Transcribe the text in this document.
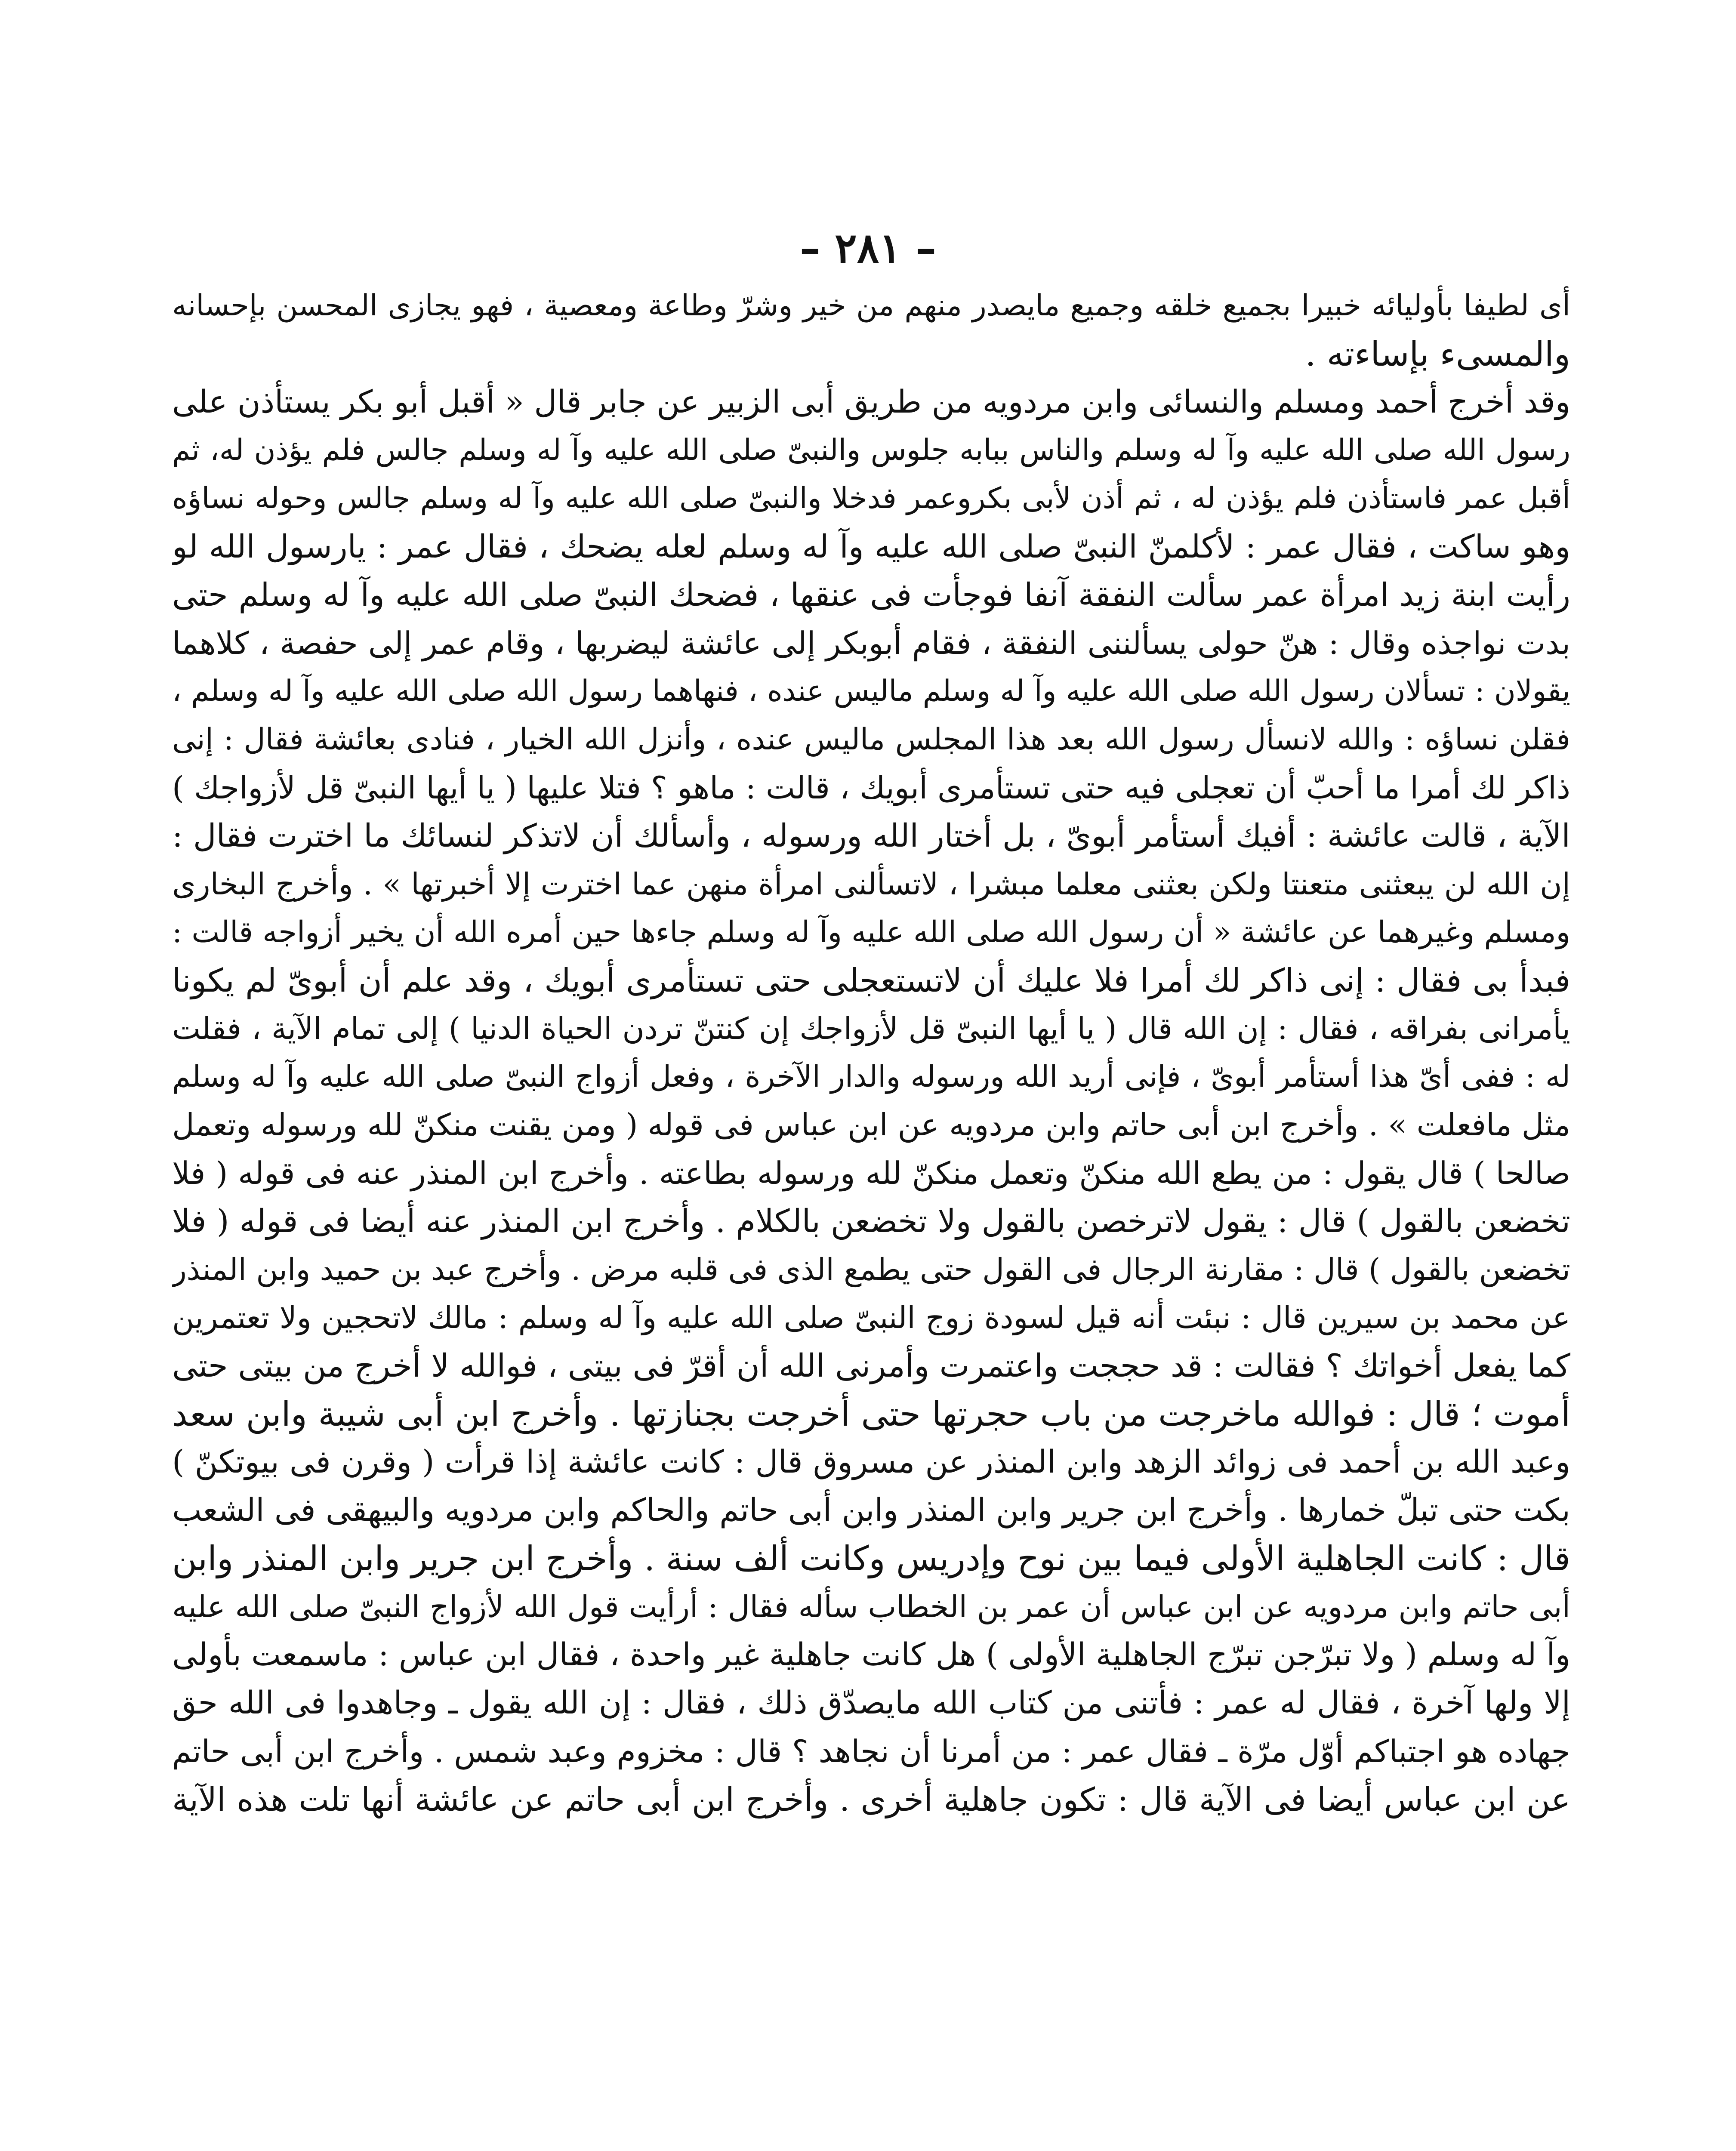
– ٢٨١ –
أى لطيفا بأوليائه خبيرا بجميع خلقه وجميع مايصدر منهم من خير وشرّ وطاعة ومعصية ، فهو يجازى المحسن بإحسانه
والمسىء بإساءته .
وقد أخرج أحمد ومسلم والنسائى وابن مردويه من طريق أبى الزبير عن جابر قال « أقبل أبو بكر يستأذن على
رسول الله صلى الله عليه وآ له وسلم والناس ببابه جلوس والنبىّ صلى الله عليه وآ له وسلم جالس فلم يؤذن له، ثم
أقبل عمر فاستأذن فلم يؤذن له ، ثم أذن لأبى بكروعمر فدخلا والنبىّ صلى الله عليه وآ له وسلم جالس وحوله نساؤه
وهو ساكت ، فقال عمر : لأكلمنّ النبىّ صلى الله عليه وآ له وسلم لعله يضحك ، فقال عمر : يارسول الله لو
رأيت ابنة زيد امرأة عمر سألت النفقة آنفا فوجأت فى عنقها ، فضحك النبىّ صلى الله عليه وآ له وسلم حتى
بدت نواجذه وقال : هنّ حولى يسألننى النفقة ، فقام أبوبكر إلى عائشة ليضربها ، وقام عمر إلى حفصة ، كلاهما
يقولان : تسألان رسول الله صلى الله عليه وآ له وسلم ماليس عنده ، فنهاهما رسول الله صلى الله عليه وآ له وسلم ،
فقلن نساؤه : والله لانسأل رسول الله بعد هذا المجلس ماليس عنده ، وأنزل الله الخيار ، فنادى بعائشة فقال : إنى
ذاكر لك أمرا ما أحبّ أن تعجلى فيه حتى تستأمرى أبويك ، قالت : ماهو ؟ فتلا عليها ( يا أيها النبىّ قل لأزواجك )
الآية ، قالت عائشة : أفيك أستأمر أبوىّ ، بل أختار الله ورسوله ، وأسألك أن لاتذكر لنسائك ما اخترت فقال :
إن الله لن يبعثنى متعنتا ولكن بعثنى معلما مبشرا ، لاتسألنى امرأة منهن عما اخترت إلا أخبرتها » . وأخرج البخارى
ومسلم وغيرهما عن عائشة « أن رسول الله صلى الله عليه وآ له وسلم جاءها حين أمره الله أن يخير أزواجه قالت :
فبدأ بى فقال : إنى ذاكر لك أمرا فلا عليك أن لاتستعجلى حتى تستأمرى أبويك ، وقد علم أن أبوىّ لم يكونا
يأمرانى بفراقه ، فقال : إن الله قال ( يا أيها النبىّ قل لأزواجك إن كنتنّ تردن الحياة الدنيا ) إلى تمام الآية ، فقلت
له : ففى أىّ هذا أستأمر أبوىّ ، فإنى أريد الله ورسوله والدار الآخرة ، وفعل أزواج النبىّ صلى الله عليه وآ له وسلم
مثل مافعلت » . وأخرج ابن أبى حاتم وابن مردويه عن ابن عباس فى قوله ( ومن يقنت منكنّ لله ورسوله وتعمل
صالحا ) قال يقول : من يطع الله منكنّ وتعمل منكنّ لله ورسوله بطاعته . وأخرج ابن المنذر عنه فى قوله ( فلا
تخضعن بالقول ) قال : يقول لاترخصن بالقول ولا تخضعن بالكلام . وأخرج ابن المنذر عنه أيضا فى قوله ( فلا
تخضعن بالقول ) قال : مقارنة الرجال فى القول حتى يطمع الذى فى قلبه مرض . وأخرج عبد بن حميد وابن المنذر
عن محمد بن سيرين قال : نبئت أنه قيل لسودة زوج النبىّ صلى الله عليه وآ له وسلم : مالك لاتحجين ولا تعتمرين
كما يفعل أخواتك ؟ فقالت : قد حججت واعتمرت وأمرنى الله أن أقرّ فى بيتى ، فوالله لا أخرج من بيتى حتى
أموت ؛ قال : فوالله ماخرجت من باب حجرتها حتى أخرجت بجنازتها . وأخرج ابن أبى شيبة وابن سعد
وعبد الله بن أحمد فى زوائد الزهد وابن المنذر عن مسروق قال : كانت عائشة إذا قرأت ( وقرن فى بيوتكنّ )
بكت حتى تبلّ خمارها . وأخرج ابن جرير وابن المنذر وابن أبى حاتم والحاكم وابن مردويه والبيهقى فى الشعب
قال : كانت الجاهلية الأولى فيما بين نوح وإدريس وكانت ألف سنة . وأخرج ابن جرير وابن المنذر وابن
أبى حاتم وابن مردويه عن ابن عباس أن عمر بن الخطاب سأله فقال : أرأيت قول الله لأزواج النبىّ صلى الله عليه
وآ له وسلم ( ولا تبرّجن تبرّج الجاهلية الأولى ) هل كانت جاهلية غير واحدة ، فقال ابن عباس : ماسمعت بأولى
إلا ولها آخرة ، فقال له عمر : فأتنى من كتاب الله مايصدّق ذلك ، فقال : إن الله يقول ـ وجاهدوا فى الله حق
جهاده هو اجتباكم أوّل مرّة ـ فقال عمر : من أمرنا أن نجاهد ؟ قال : مخزوم وعبد شمس . وأخرج ابن أبى حاتم
عن ابن عباس أيضا فى الآية قال : تكون جاهلية أخرى . وأخرج ابن أبى حاتم عن عائشة أنها تلت هذه الآية
